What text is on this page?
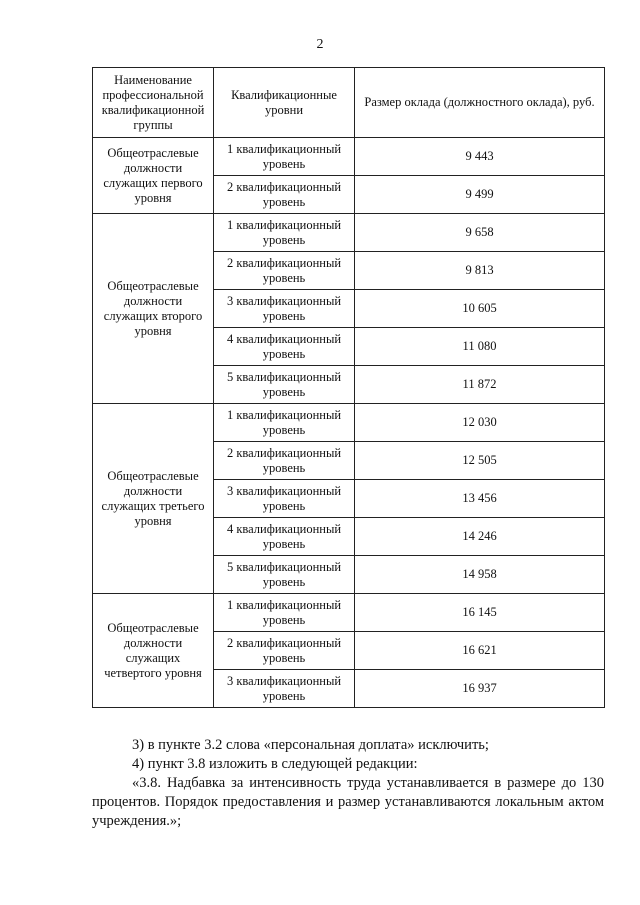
2
Наименование профессиональной квалификационной группы	Квалификационные уровни	Размер оклада (должностного оклада), руб.
Общеотраслевые должности служащих первого уровня	1 квалификационный уровень	9 443
	2 квалификационный уровень	9 499
Общеотраслевые должности служащих второго уровня	1 квалификационный уровень	9 658
	2 квалификационный уровень	9 813
	3 квалификационный уровень	10 605
	4 квалификационный уровень	11 080
	5 квалификационный уровень	11 872
Общеотраслевые должности служащих третьего уровня	1 квалификационный уровень	12 030
	2 квалификационный уровень	12 505
	3 квалификационный уровень	13 456
	4 квалификационный уровень	14 246
	5 квалификационный уровень	14 958
Общеотраслевые должности служащих четвертого уровня	1 квалификационный уровень	16 145
	2 квалификационный уровень	16 621
	3 квалификационный уровень	16 937

3) в пункте 3.2 слова «персональная доплата» исключить;

4) пункт 3.8 изложить в следующей редакции:

«3.8. Надбавка за интенсивность труда устанавливается в размере до 130 процентов. Порядок предоставления и размер устанавливаются локальным актом учреждения.»;
